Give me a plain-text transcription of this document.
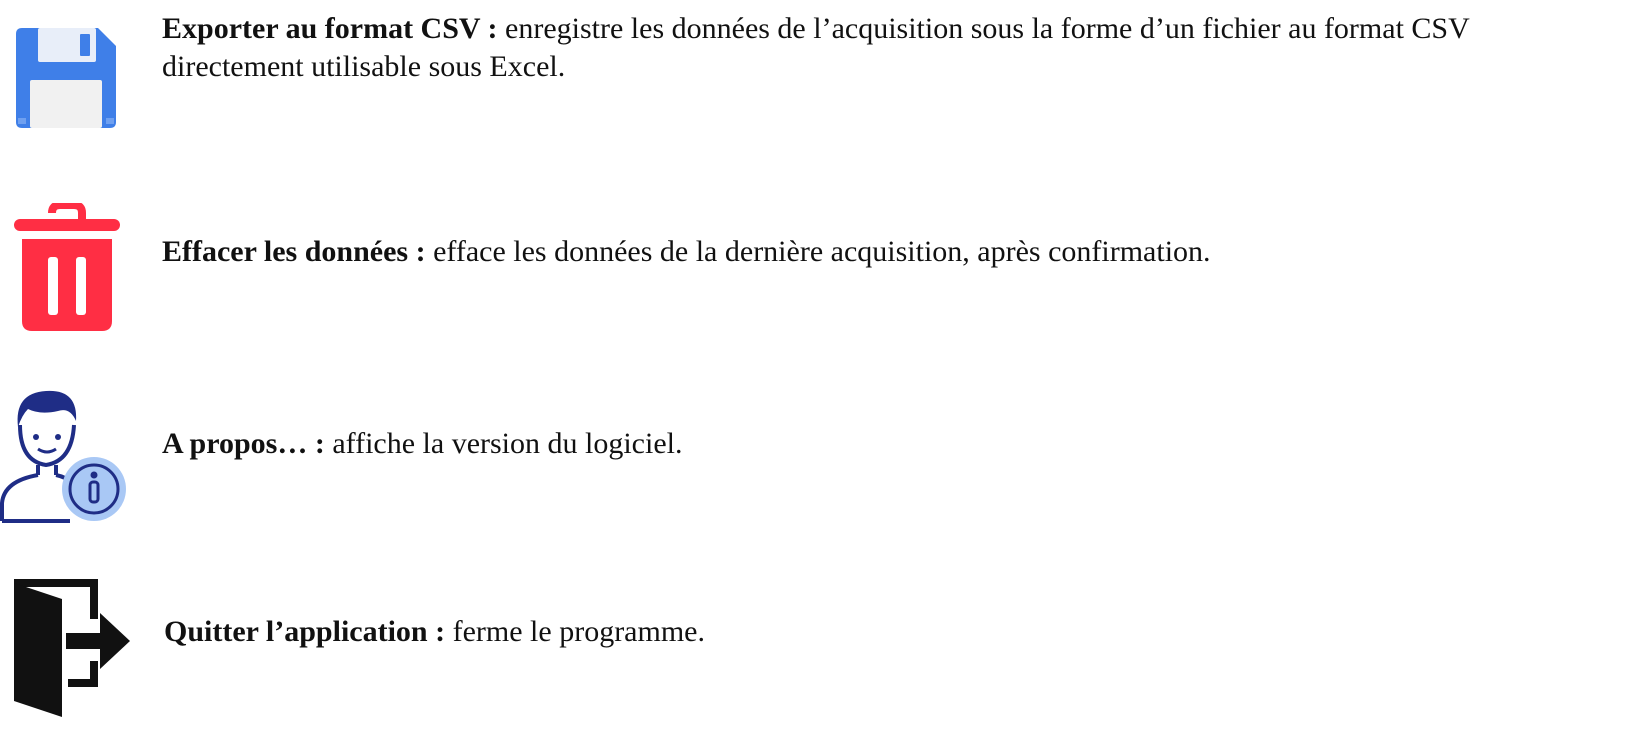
Exporter au format CSV : enregistre les données de l’acquisition sous la forme d’un fichier au format CSV directement utilisable sous Excel.
Effacer les données : efface les données de la dernière acquisition, après confirmation.
A propos… : affiche la version du logiciel.
Quitter l’application : ferme le programme.
